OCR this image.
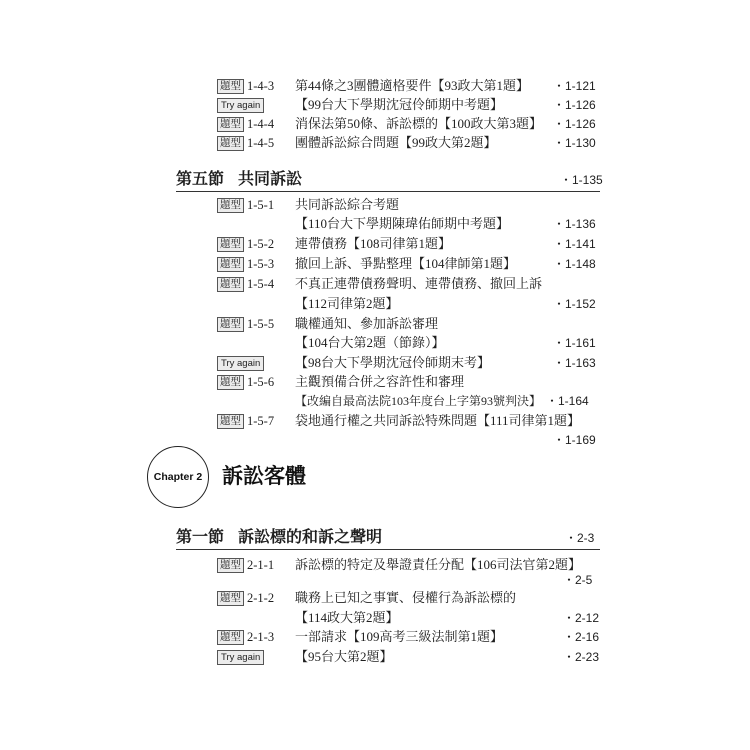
題型 1-4-3 第44條之3團體適格要件【93政大第1題】 ・1-121
Try again	【99台大下學期沈冠伶師期中考題】	・1-126
題型 1-4-4 消保法第50條、訴訟標的【100政大第3題】 ・1-126
題型 1-4-5 團體訴訟綜合問題【99政大第2題】	・1-130
第五節 共同訴訟	・1-135
題型 1-5-1 共同訴訟綜合考題
【110台大下學期陳瑋佑師期中考題】	・1-136
題型 1-5-2 連帶債務【108司律第1題】	・1-141
題型 1-5-3 撤回上訴、爭點整理【104律師第1題】	・1-148
題型 1-5-4 不真正連帶債務聲明、連帶債務、撤回上訴
【112司律第2題】	・1-152
題型 1-5-5 職權通知、參加訴訟審理
【104台大第2題（節錄）】	・1-161
Try again	【98台大下學期沈冠伶師期末考】	・1-163
題型 1-5-6 主觀預備合併之容許性和審理
【改編自最高法院103年度台上字第93號判決】 ・1-164
題型 1-5-7 袋地通行權之共同訴訟特殊問題【111司律第1題】
・1-169
Chapter 2 訴訟客體
第一節 訴訟標的和訴之聲明	・2-3
題型 2-1-1 訴訟標的特定及舉證責任分配【106司法官第2題】
・2-5
題型 2-1-2 職務上已知之事實、侵權行為訴訟標的
【114政大第2題】	・2-12
題型 2-1-3 一部請求【109高考三級法制第1題】	・2-16
Try again	【95台大第2題】	・2-23
